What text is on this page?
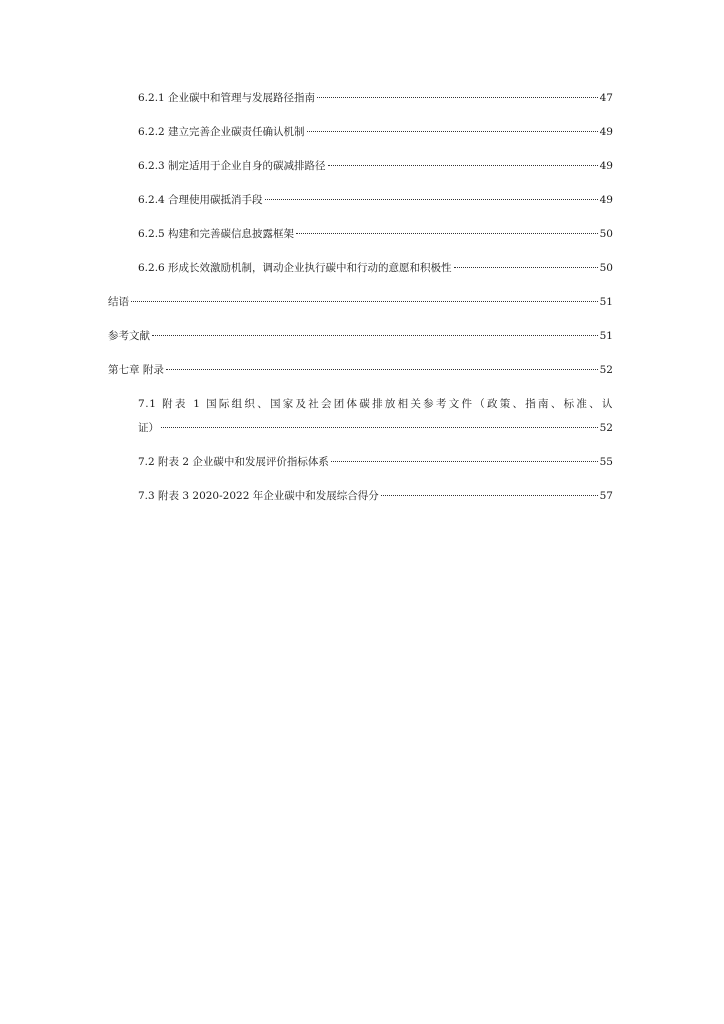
6.2.1 企业碳中和管理与发展路径指南	47
6.2.2 建立完善企业碳责任确认机制	49
6.2.3 制定适用于企业自身的碳减排路径	49
6.2.4 合理使用碳抵消手段	49
6.2.5 构建和完善碳信息披露框架	50
6.2.6 形成长效激励机制，调动企业执行碳中和行动的意愿和积极性	50
结语	51
参考文献	51
第七章 附录	52
7.1 附表 1 国际组织、国家及社会团体碳排放相关参考文件（政策、指南、标准、认
证）	52
7.2 附表 2 企业碳中和发展评价指标体系	55
7.3 附表 3 2020-2022 年企业碳中和发展综合得分	57
